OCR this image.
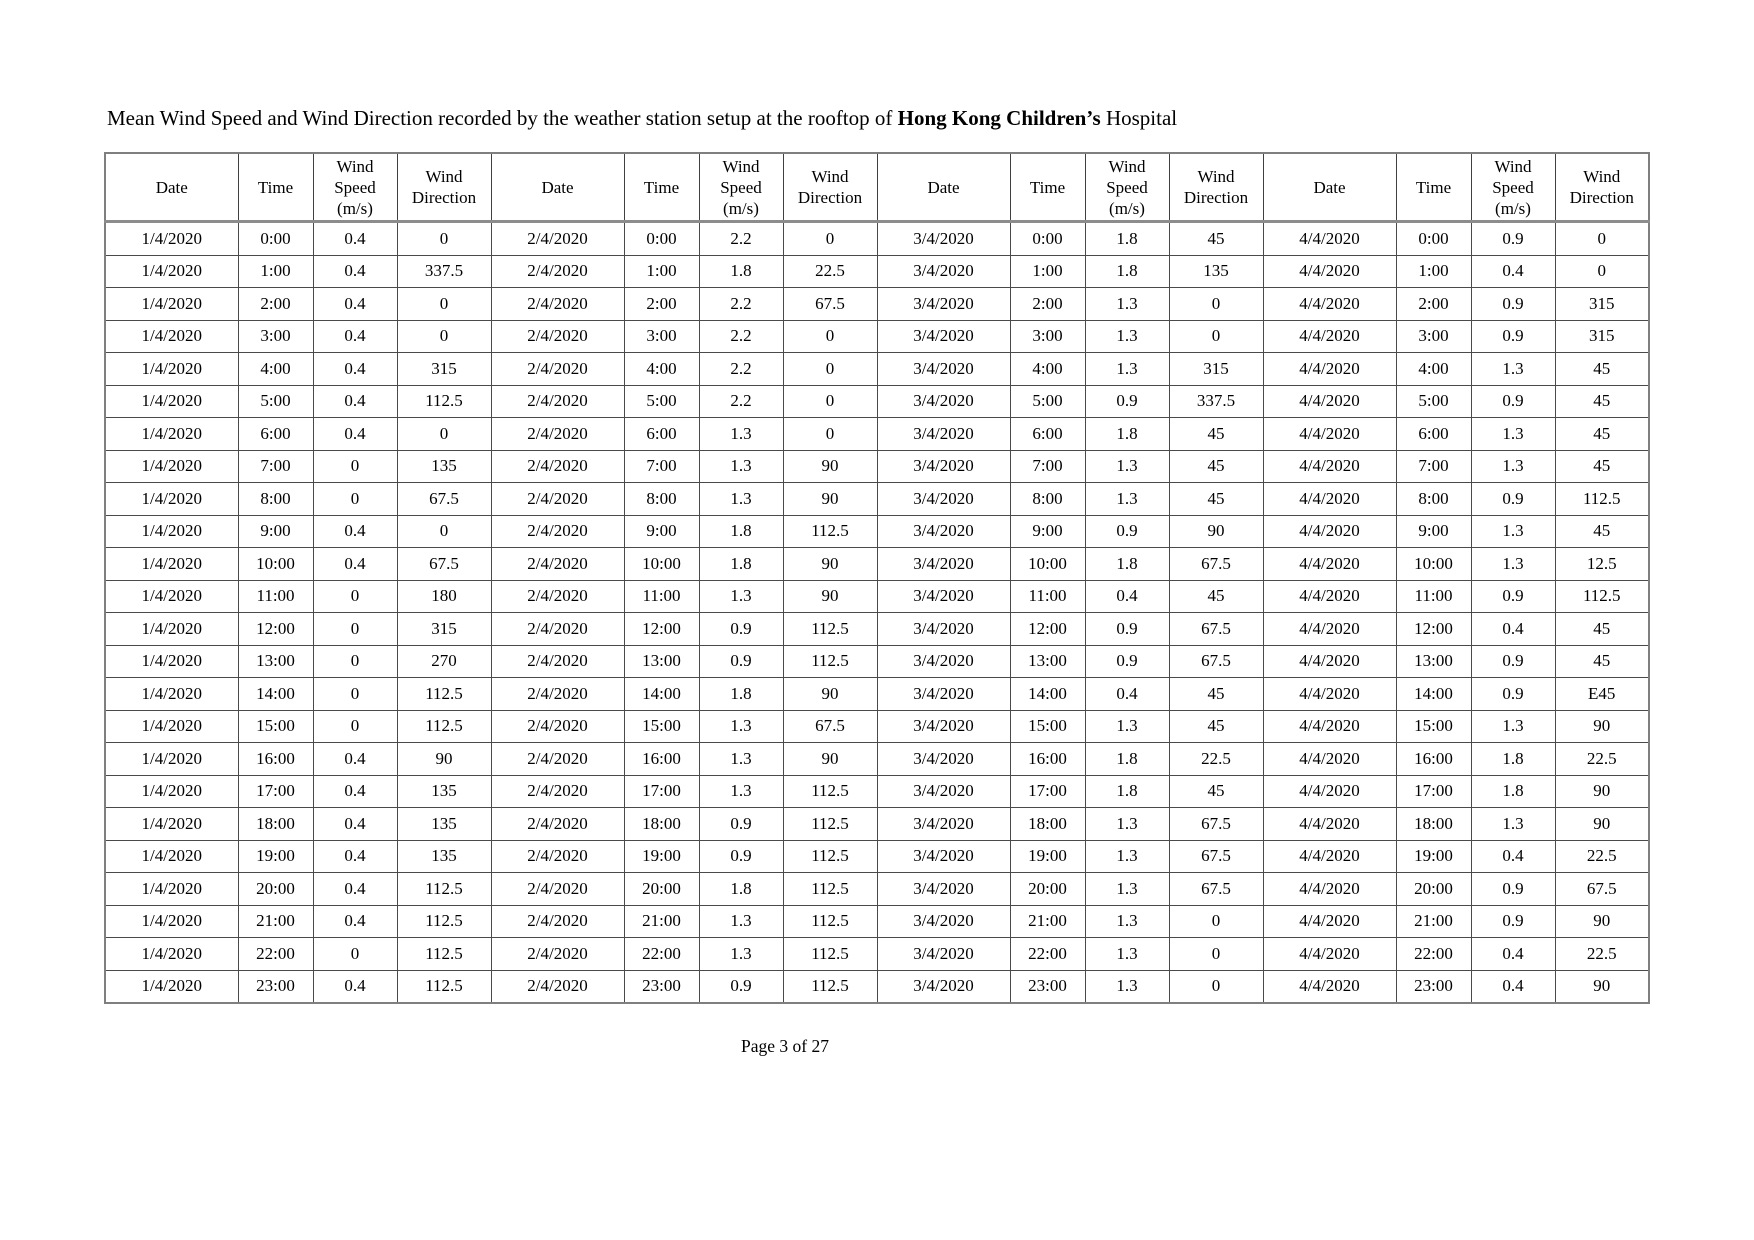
Mean Wind Speed and Wind Direction recorded by the weather station setup at the rooftop of Hong Kong Children’s Hospital
Date	Time	Wind
Speed
(m/s)	Wind
Direction	Date	Time	Wind
Speed
(m/s)	Wind
Direction	Date	Time	Wind
Speed
(m/s)	Wind
Direction	Date	Time	Wind
Speed
(m/s)	Wind
Direction
1/4/2020	0:00	0.4	0	2/4/2020	0:00	2.2	0	3/4/2020	0:00	1.8	45	4/4/2020	0:00	0.9	0
1/4/2020	1:00	0.4	337.5	2/4/2020	1:00	1.8	22.5	3/4/2020	1:00	1.8	135	4/4/2020	1:00	0.4	0
1/4/2020	2:00	0.4	0	2/4/2020	2:00	2.2	67.5	3/4/2020	2:00	1.3	0	4/4/2020	2:00	0.9	315
1/4/2020	3:00	0.4	0	2/4/2020	3:00	2.2	0	3/4/2020	3:00	1.3	0	4/4/2020	3:00	0.9	315
1/4/2020	4:00	0.4	315	2/4/2020	4:00	2.2	0	3/4/2020	4:00	1.3	315	4/4/2020	4:00	1.3	45
1/4/2020	5:00	0.4	112.5	2/4/2020	5:00	2.2	0	3/4/2020	5:00	0.9	337.5	4/4/2020	5:00	0.9	45
1/4/2020	6:00	0.4	0	2/4/2020	6:00	1.3	0	3/4/2020	6:00	1.8	45	4/4/2020	6:00	1.3	45
1/4/2020	7:00	0	135	2/4/2020	7:00	1.3	90	3/4/2020	7:00	1.3	45	4/4/2020	7:00	1.3	45
1/4/2020	8:00	0	67.5	2/4/2020	8:00	1.3	90	3/4/2020	8:00	1.3	45	4/4/2020	8:00	0.9	112.5
1/4/2020	9:00	0.4	0	2/4/2020	9:00	1.8	112.5	3/4/2020	9:00	0.9	90	4/4/2020	9:00	1.3	45
1/4/2020	10:00	0.4	67.5	2/4/2020	10:00	1.8	90	3/4/2020	10:00	1.8	67.5	4/4/2020	10:00	1.3	12.5
1/4/2020	11:00	0	180	2/4/2020	11:00	1.3	90	3/4/2020	11:00	0.4	45	4/4/2020	11:00	0.9	112.5
1/4/2020	12:00	0	315	2/4/2020	12:00	0.9	112.5	3/4/2020	12:00	0.9	67.5	4/4/2020	12:00	0.4	45
1/4/2020	13:00	0	270	2/4/2020	13:00	0.9	112.5	3/4/2020	13:00	0.9	67.5	4/4/2020	13:00	0.9	45
1/4/2020	14:00	0	112.5	2/4/2020	14:00	1.8	90	3/4/2020	14:00	0.4	45	4/4/2020	14:00	0.9	E45
1/4/2020	15:00	0	112.5	2/4/2020	15:00	1.3	67.5	3/4/2020	15:00	1.3	45	4/4/2020	15:00	1.3	90
1/4/2020	16:00	0.4	90	2/4/2020	16:00	1.3	90	3/4/2020	16:00	1.8	22.5	4/4/2020	16:00	1.8	22.5
1/4/2020	17:00	0.4	135	2/4/2020	17:00	1.3	112.5	3/4/2020	17:00	1.8	45	4/4/2020	17:00	1.8	90
1/4/2020	18:00	0.4	135	2/4/2020	18:00	0.9	112.5	3/4/2020	18:00	1.3	67.5	4/4/2020	18:00	1.3	90
1/4/2020	19:00	0.4	135	2/4/2020	19:00	0.9	112.5	3/4/2020	19:00	1.3	67.5	4/4/2020	19:00	0.4	22.5
1/4/2020	20:00	0.4	112.5	2/4/2020	20:00	1.8	112.5	3/4/2020	20:00	1.3	67.5	4/4/2020	20:00	0.9	67.5
1/4/2020	21:00	0.4	112.5	2/4/2020	21:00	1.3	112.5	3/4/2020	21:00	1.3	0	4/4/2020	21:00	0.9	90
1/4/2020	22:00	0	112.5	2/4/2020	22:00	1.3	112.5	3/4/2020	22:00	1.3	0	4/4/2020	22:00	0.4	22.5
1/4/2020	23:00	0.4	112.5	2/4/2020	23:00	0.9	112.5	3/4/2020	23:00	1.3	0	4/4/2020	23:00	0.4	90
Page 3 of 27
